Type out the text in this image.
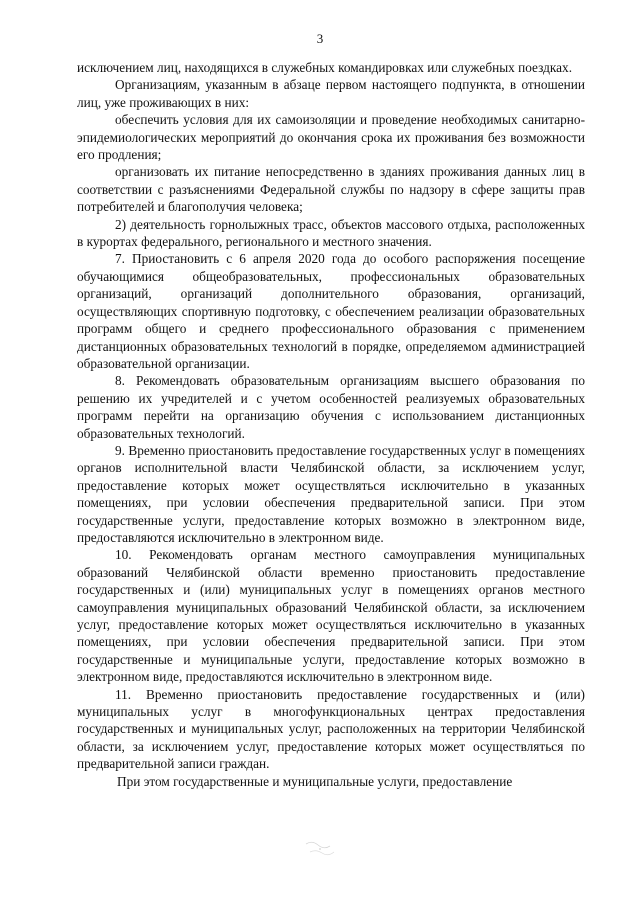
3

исключением лиц, находящихся в служебных командировках или служебных поездках.

Организациям, указанным в абзаце первом настоящего подпункта, в отношении лиц, уже проживающих в них:

обеспечить условия для их самоизоляции и проведение необходимых санитарно-эпидемиологических мероприятий до окончания срока их проживания без возможности его продления;

организовать их питание непосредственно в зданиях проживания данных лиц в соответствии с разъяснениями Федеральной службы по надзору в сфере защиты прав потребителей и благополучия человека;

2) деятельность горнолыжных трасс, объектов массового отдыха, расположенных в курортах федерального, регионального и местного значения.

7. Приостановить с 6 апреля 2020 года до особого распоряжения посещение обучающимися общеобразовательных, профессиональных образовательных организаций, организаций дополнительного образования, организаций, осуществляющих спортивную подготовку, с обеспечением реализации образовательных программ общего и среднего профессионального образования с применением дистанционных образовательных технологий в порядке, определяемом администрацией образовательной организации.

8. Рекомендовать образовательным организациям высшего образования по решению их учредителей и с учетом особенностей реализуемых образовательных программ перейти на организацию обучения с использованием дистанционных образовательных технологий.

9. Временно приостановить предоставление государственных услуг в помещениях органов исполнительной власти Челябинской области, за исключением услуг, предоставление которых может осуществляться исключительно в указанных помещениях, при условии обеспечения предварительной записи. При этом государственные услуги, предоставление которых возможно в электронном виде, предоставляются исключительно в электронном виде.

10. Рекомендовать органам местного самоуправления муниципальных образований Челябинской области временно приостановить предоставление государственных и (или) муниципальных услуг в помещениях органов местного самоуправления муниципальных образований Челябинской области, за исключением услуг, предоставление которых может осуществляться исключительно в указанных помещениях, при условии обеспечения предварительной записи. При этом государственные и муниципальные услуги, предоставление которых возможно в электронном виде, предоставляются исключительно в электронном виде.

11. Временно приостановить предоставление государственных и (или) муниципальных услуг в многофункциональных центрах предоставления государственных и муниципальных услуг, расположенных на территории Челябинской области, за исключением услуг, предоставление которых может осуществляться по предварительной записи граждан.

При этом государственные и муниципальные услуги, предоставление
